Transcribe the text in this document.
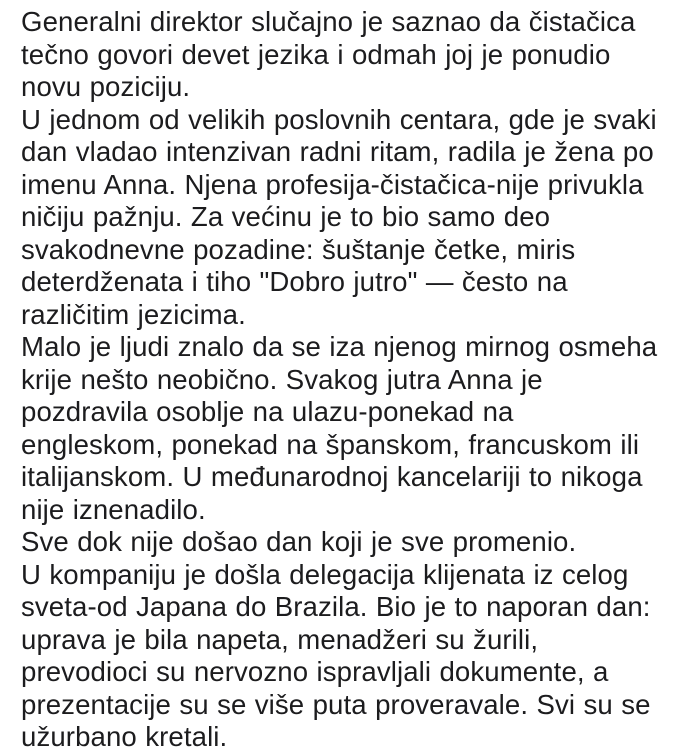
Generalni direktor slučajno je saznao da čistačica
tečno govori devet jezika i odmah joj je ponudio
novu poziciju.
U jednom od velikih poslovnih centara, gde je svaki
dan vladao intenzivan radni ritam, radila je žena po
imenu Anna. Njena profesija-čistačica-nije privukla
ničiju pažnju. Za većinu je to bio samo deo
svakodnevne pozadine: šuštanje četke, miris
deterdženata i tiho "Dobro jutro" — često na
različitim jezicima.
Malo je ljudi znalo da se iza njenog mirnog osmeha
krije nešto neobično. Svakog jutra Anna je
pozdravila osoblje na ulazu-ponekad na
engleskom, ponekad na španskom, francuskom ili
italijanskom. U međunarodnoj kancelariji to nikoga
nije iznenadilo.
Sve dok nije došao dan koji je sve promenio.
U kompaniju je došla delegacija klijenata iz celog
sveta-od Japana do Brazila. Bio je to naporan dan:
uprava je bila napeta, menadžeri su žurili,
prevodioci su nervozno ispravljali dokumente, a
prezentacije su se više puta proveravale. Svi su se
užurbano kretali.
